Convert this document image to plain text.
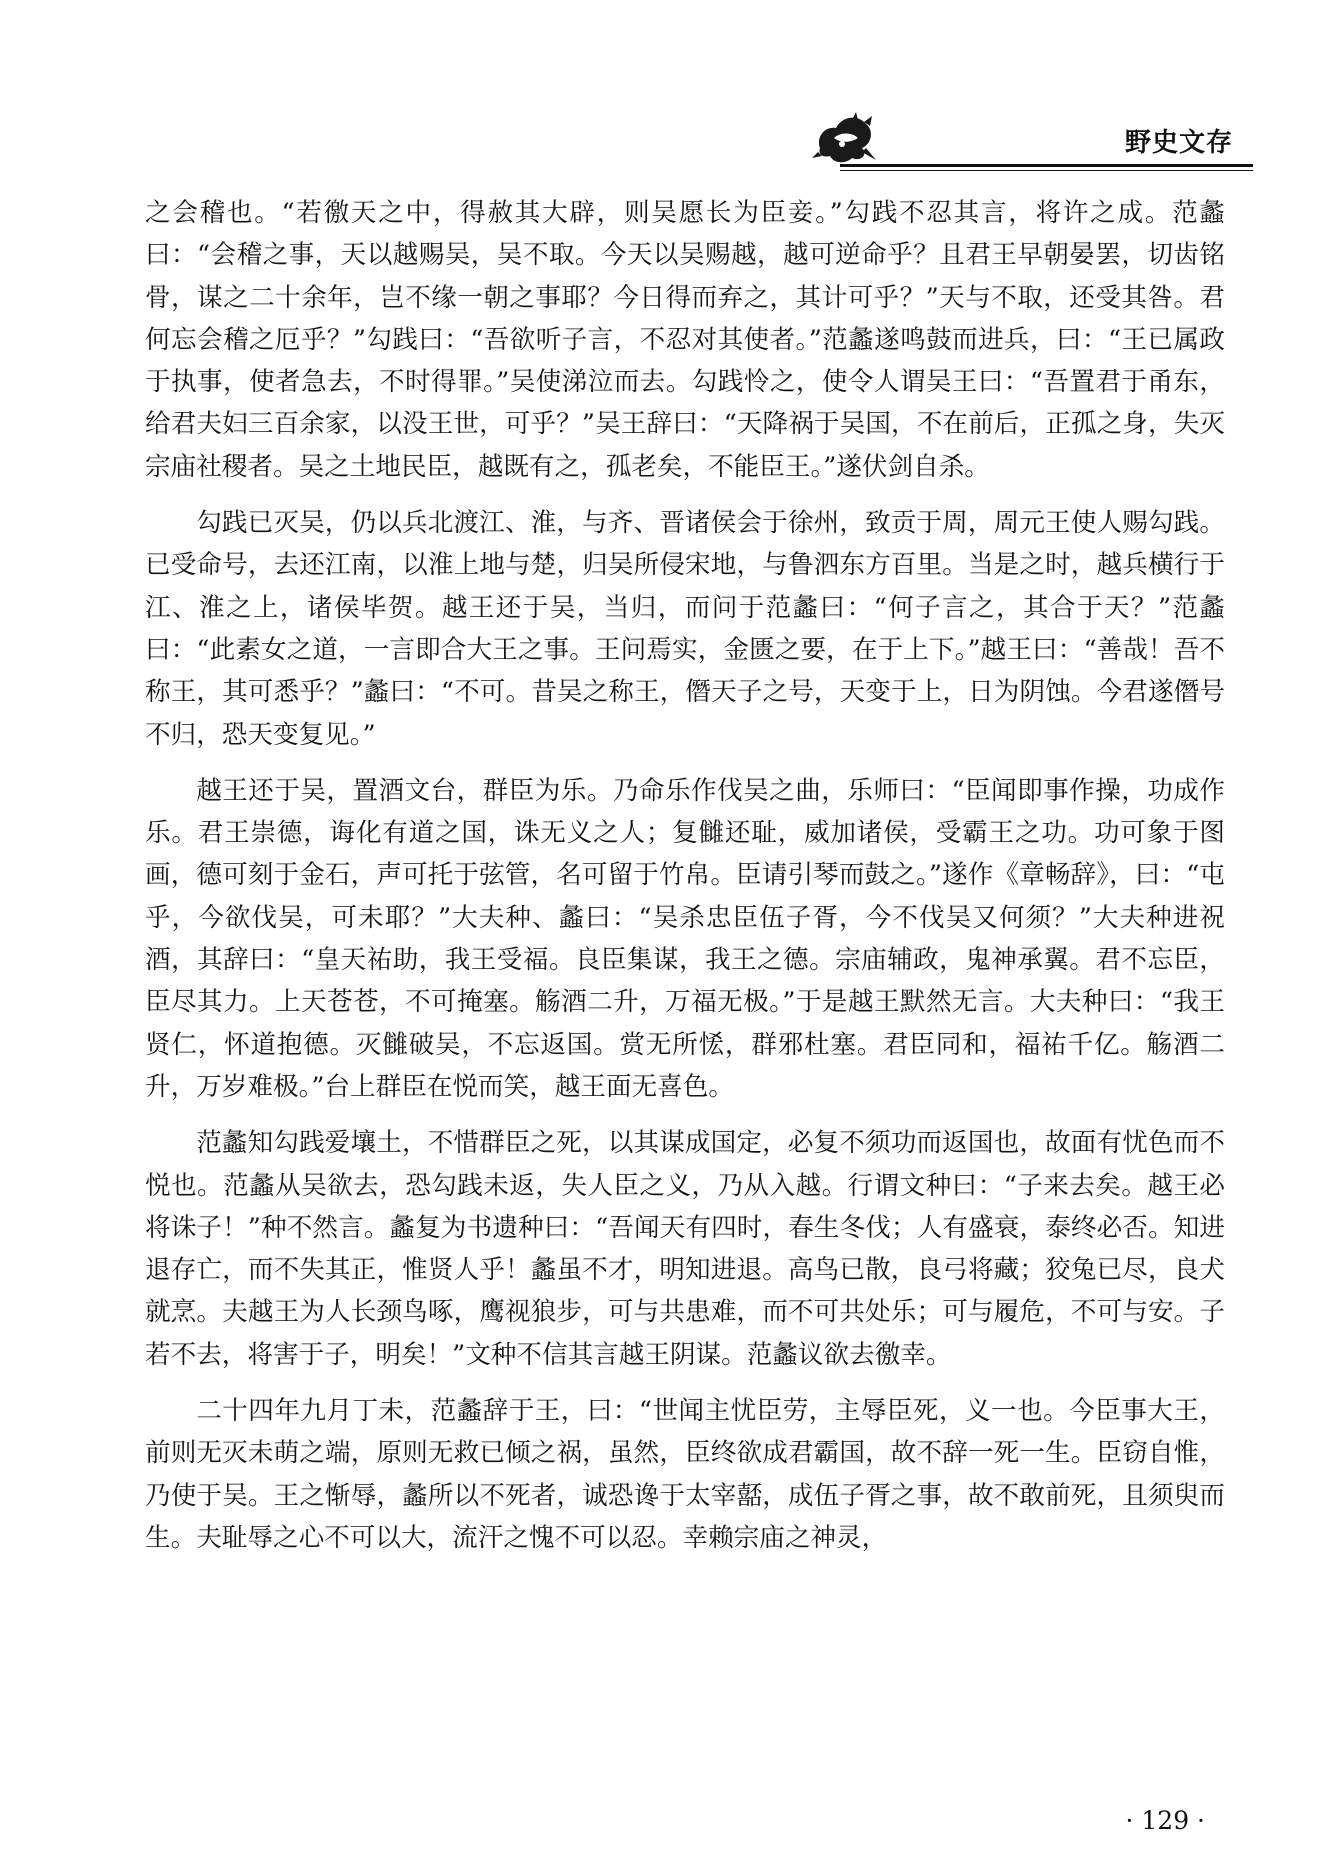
野史文存

之会稽也。“若徼天之中，得赦其大辟，则吴愿长为臣妾。”勾践不忍其言，将许之成。范蠡曰：“会稽之事，天以越赐吴，吴不取。今天以吴赐越，越可逆命乎？且君王早朝晏罢，切齿铭骨，谋之二十余年，岂不缘一朝之事耶？今日得而弃之，其计可乎？”天与不取，还受其咎。君何忘会稽之厄乎？”勾践曰：“吾欲听子言，不忍对其使者。”范蠡遂鸣鼓而进兵，曰：“王已属政于执事，使者急去，不时得罪。”吴使涕泣而去。勾践怜之，使令人谓吴王曰：“吾置君于甬东，给君夫妇三百余家，以没王世，可乎？”吴王辞曰：“天降祸于吴国，不在前后，正孤之身，失灭宗庙社稷者。吴之土地民臣，越既有之，孤老矣，不能臣王。”遂伏剑自杀。

勾践已灭吴，仍以兵北渡江、淮，与齐、晋诸侯会于徐州，致贡于周，周元王使人赐勾践。已受命号，去还江南，以淮上地与楚，归吴所侵宋地，与鲁泗东方百里。当是之时，越兵横行于江、淮之上，诸侯毕贺。越王还于吴，当归，而问于范蠡曰：“何子言之，其合于天？”范蠡曰：“此素女之道，一言即合大王之事。王问焉实，金匮之要，在于上下。”越王曰：“善哉！吾不称王，其可悉乎？”蠡曰：“不可。昔吴之称王，僭天子之号，天变于上，日为阴蚀。今君遂僭号不归，恐天变复见。”

越王还于吴，置酒文台，群臣为乐。乃命乐作伐吴之曲，乐师曰：“臣闻即事作操，功成作乐。君王崇德，诲化有道之国，诛无义之人；复雠还耻，威加诸侯，受霸王之功。功可象于图画，德可刻于金石，声可托于弦管，名可留于竹帛。臣请引琴而鼓之。”遂作《章畅辞》，曰：“屯乎，今欲伐吴，可未耶？”大夫种、蠡曰：“吴杀忠臣伍子胥，今不伐吴又何须？”大夫种进祝酒，其辞曰：“皇天祐助，我王受福。良臣集谋，我王之德。宗庙辅政，鬼神承翼。君不忘臣，臣尽其力。上天苍苍，不可掩塞。觞酒二升，万福无极。”于是越王默然无言。大夫种曰：“我王贤仁，怀道抱德。灭雠破吴，不忘返国。赏无所恡，群邪杜塞。君臣同和，福祐千亿。觞酒二升，万岁难极。”台上群臣在悦而笑，越王面无喜色。

范蠡知勾践爱壤土，不惜群臣之死，以其谋成国定，必复不须功而返国也，故面有忧色而不悦也。范蠡从吴欲去，恐勾践未返，失人臣之义，乃从入越。行谓文种曰：“子来去矣。越王必将诛子！”种不然言。蠡复为书遗种曰：“吾闻天有四时，春生冬伐；人有盛衰，泰终必否。知进退存亡，而不失其正，惟贤人乎！蠡虽不才，明知进退。高鸟已散，良弓将藏；狡兔已尽，良犬就烹。夫越王为人长颈鸟啄，鹰视狼步，可与共患难，而不可共处乐；可与履危，不可与安。子若不去，将害于子，明矣！”文种不信其言越王阴谋。范蠡议欲去徼幸。

二十四年九月丁未，范蠡辞于王，曰：“世闻主忧臣劳，主辱臣死，义一也。今臣事大王，前则无灭未萌之端，原则无救已倾之祸，虽然，臣终欲成君霸国，故不辞一死一生。臣窃自惟，乃使于吴。王之惭辱，蠡所以不死者，诚恐谗于太宰嚭，成伍子胥之事，故不敢前死，且须臾而生。夫耻辱之心不可以大，流汗之愧不可以忍。幸赖宗庙之神灵，

· 129 ·
